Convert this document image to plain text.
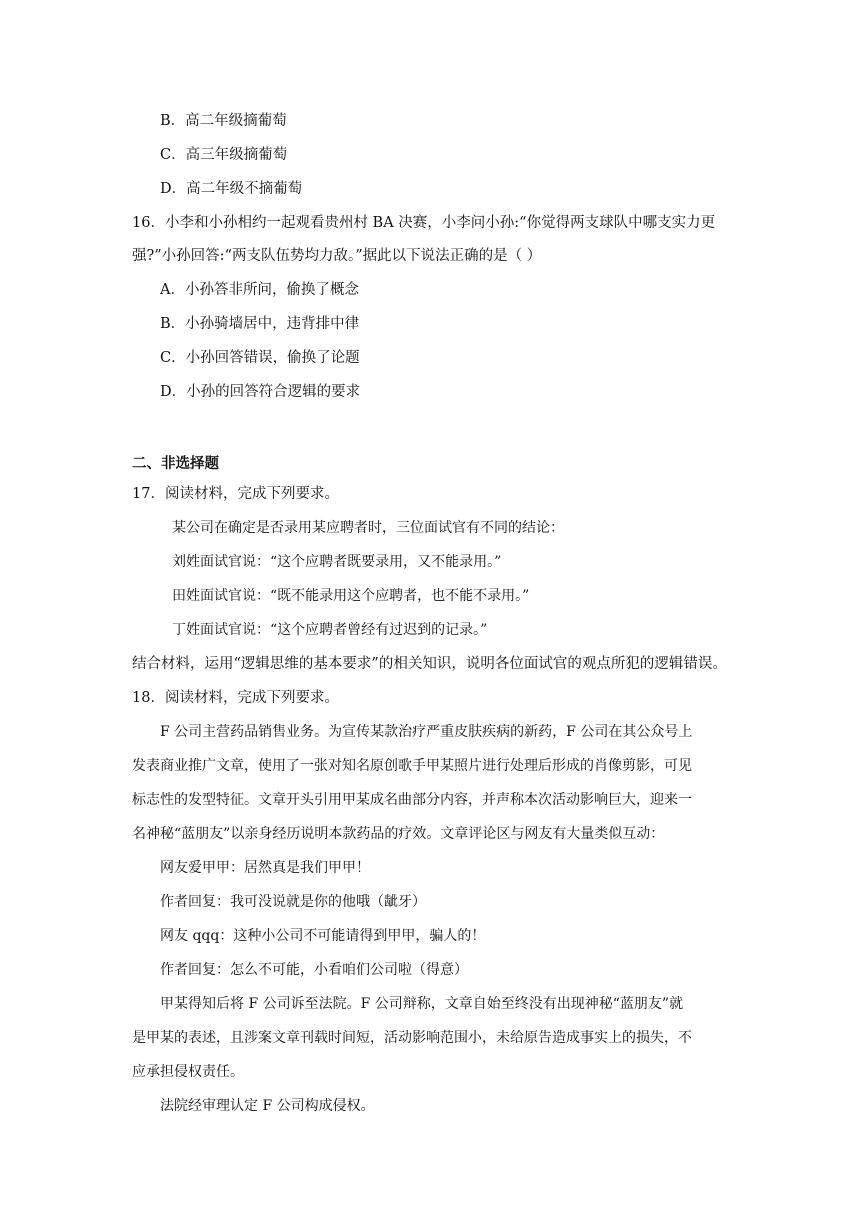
B．高二年级摘葡萄
C．高三年级摘葡萄
D．高二年级不摘葡萄
16．小李和小孙相约一起观看贵州村 BA 决赛，小李问小孙:“你觉得两支球队中哪支实力更
强?”小孙回答:“两支队伍势均力敌。”据此以下说法正确的是（ ）
A．小孙答非所问，偷换了概念
B．小孙骑墙居中，违背排中律
C．小孙回答错误，偷换了论题
D．小孙的回答符合逻辑的要求
二、非选择题
17．阅读材料，完成下列要求。
某公司在确定是否录用某应聘者时，三位面试官有不同的结论：
刘姓面试官说：“这个应聘者既要录用，又不能录用。”
田姓面试官说：“既不能录用这个应聘者，也不能不录用。”
丁姓面试官说：“这个应聘者曾经有过迟到的记录。”
结合材料，运用“逻辑思维的基本要求”的相关知识，说明各位面试官的观点所犯的逻辑错误。
18．阅读材料，完成下列要求。
F 公司主营药品销售业务。为宣传某款治疗严重皮肤疾病的新药，F 公司在其公众号上
发表商业推广文章，使用了一张对知名原创歌手甲某照片进行处理后形成的肖像剪影，可见
标志性的发型特征。文章开头引用甲某成名曲部分内容，并声称本次活动影响巨大，迎来一
名神秘“蓝朋友”以亲身经历说明本款药品的疗效。文章评论区与网友有大量类似互动：
网友爱甲甲：居然真是我们甲甲！
作者回复：我可没说就是你的他哦（龇牙）
网友 qqq：这种小公司不可能请得到甲甲，骗人的！
作者回复：怎么不可能，小看咱们公司啦（得意）
甲某得知后将 F 公司诉至法院。F 公司辩称，文章自始至终没有出现神秘“蓝朋友”就
是甲某的表述，且涉案文章刊载时间短，活动影响范围小，未给原告造成事实上的损失，不
应承担侵权责任。
法院经审理认定 F 公司构成侵权。
